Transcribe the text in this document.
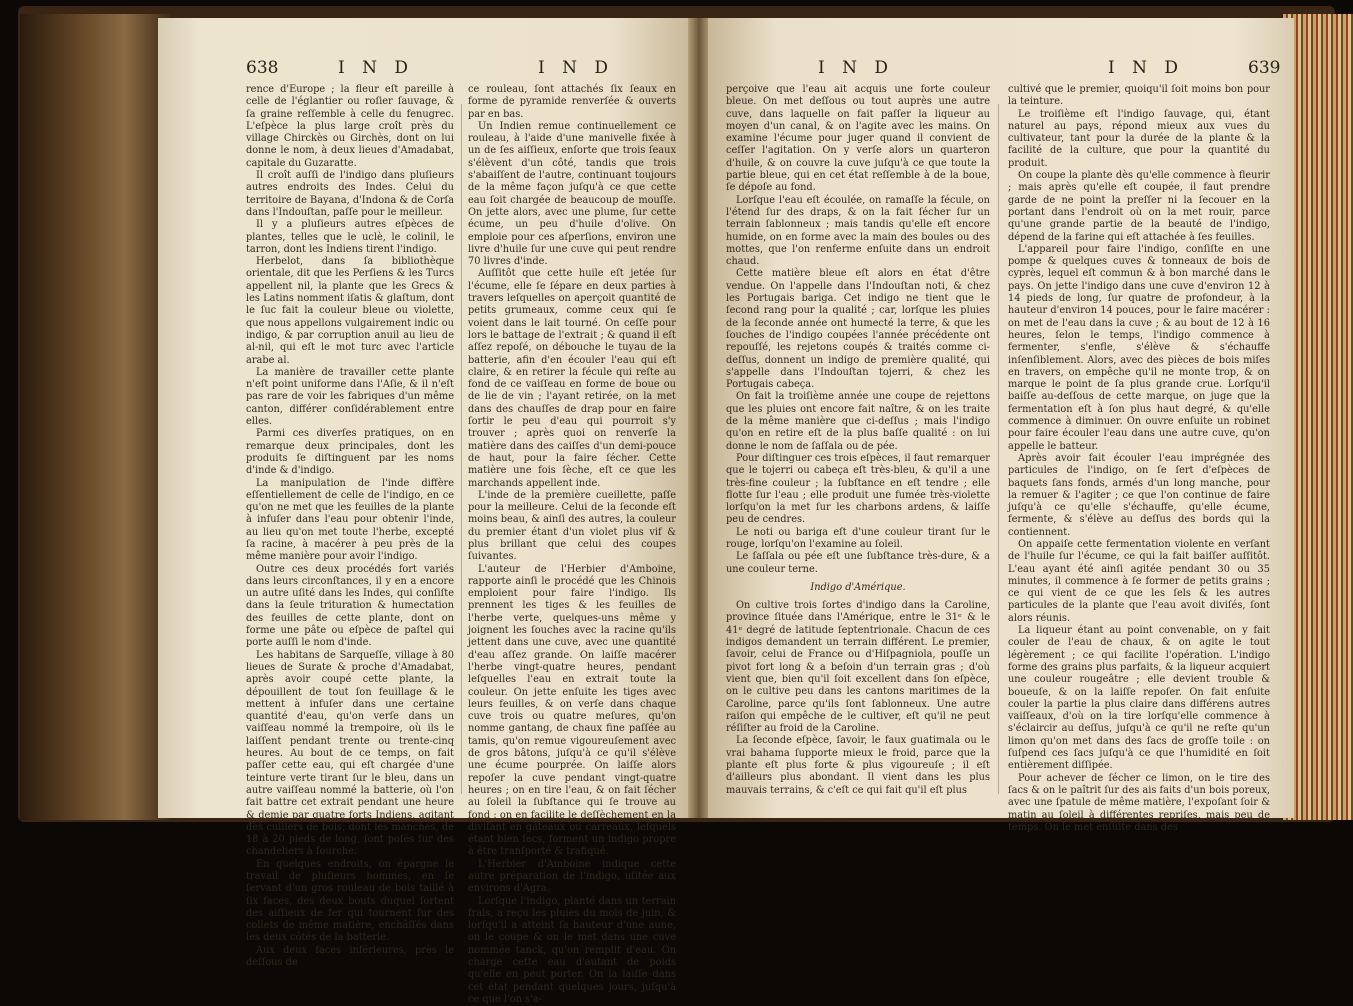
638	I N D	I N D

rence d'Europe ; la fleur eſt pareille à celle de l'églantier ou roſier ſauvage, & ſa graine reſſemble à celle du fenugrec. L'eſpèce la plus large croît près du village Chirckès ou Girchès, dont on lui donne le nom, à deux lieues d'Amadabat, capitale du Guzaratte.

Il croît auſſi de l'indigo dans pluſieurs autres endroits des Indes. Celui du territoire de Bayana, d'Indona & de Corſa dans l'Indouſtan, paſſe pour le meilleur.

Il y a pluſieurs autres eſpèces de plantes, telles que le uclè, le colinil, le tarron, dont les Indiens tirent l'indigo.

Herbelot, dans ſa bibliothèque orientale, dit que les Perſiens & les Turcs appellent nil, la plante que les Grecs & les Latins nomment iſatis & glaſtum, dont le ſuc fait la couleur bleue ou violette, que nous appellons vulgairement indic ou indigo, & par corruption anuil au lieu de al-nil, qui eſt le mot turc avec l'article arabe al.

La manière de travailler cette plante n'eſt point uniforme dans l'Aſie, & il n'eſt pas rare de voir les fabriques d'un même canton, différer conſidérablement entre elles.

Parmi ces diverſes pratiques, on en remarque deux principales, dont les produits ſe diſtinguent par les noms d'inde & d'indigo.

La manipulation de l'inde diffère eſſentiellement de celle de l'indigo, en ce qu'on ne met que les feuilles de la plante à infuſer dans l'eau pour obtenir l'inde, au lieu qu'on met toute l'herbe, excepté ſa racine, à macérer à peu près de la même manière pour avoir l'indigo.

Outre ces deux procédés fort variés dans leurs circonſtances, il y en a encore un autre uſité dans les Indes, qui conſiſte dans la ſeule trituration & humectation des feuilles de cette plante, dont on forme une pâte ou eſpèce de paſtel qui porte auſſi le nom d'inde.

Les habitans de Sarqueſſe, village à 80 lieues de Surate & proche d'Amadabat, après avoir coupé cette plante, la dépouillent de tout ſon feuillage & le mettent à infuſer dans une certaine quantité d'eau, qu'on verſe dans un vaiſſeau nommé la trempoire, où ils le laiſſent pendant trente ou trente-cinq heures. Au bout de ce temps, on fait paſſer cette eau, qui eſt chargée d'une teinture verte tirant ſur le bleu, dans un autre vaiſſeau nommé la batterie, où l'on fait battre cet extrait pendant une heure & demie par quatre forts Indiens, agitant des cuillers de bois, dont les manches, de 18 à 20 pieds de long, ſont poſés ſur des chandeliers à fourche.

En quelques endroits, on épargne le travail de pluſieurs hommes, en ſe ſervant d'un gros rouleau de bois taillé à ſix faces, des deux bouts duquel ſortent des aiſſieux de fer qui tournent ſur des collets de même matière, enchâſſés dans les deux côtés de la batterie.

Aux deux faces inférieures, près le deſſous de

ce rouleau, ſont attachés ſix ſeaux en forme de pyramide renverſée & ouverts par en bas.

Un Indien remue continuellement ce rouleau, à l'aide d'une manivelle fixée à un de ſes aiſſieux, enſorte que trois ſeaux s'élèvent d'un côté, tandis que trois s'abaiſſent de l'autre, continuant toujours de la même façon juſqu'à ce que cette eau ſoit chargée de beaucoup de mouſſe. On jette alors, avec une plume, ſur cette écume, un peu d'huile d'olive. On emploie pour ces aſperſions, environ une livre d'huile ſur une cuve qui peut rendre 70 livres d'inde.

Auſſitôt que cette huile eſt jetée ſur l'écume, elle ſe ſépare en deux parties à travers leſquelles on aperçoit quantité de petits grumeaux, comme ceux qui ſe voient dans le lait tourné. On ceſſe pour lors le battage de l'extrait ; & quand il eſt aſſez repoſé, on débouche le tuyau de la batterie, afin d'en écouler l'eau qui eſt claire, & en retirer la fécule qui reſte au fond de ce vaiſſeau en forme de boue ou de lie de vin ; l'ayant retirée, on la met dans des chauſſes de drap pour en faire ſortir le peu d'eau qui pourroit s'y trouver ; après quoi on renverſe la matière dans des caiſſes d'un demi-pouce de haut, pour la faire ſécher. Cette matière une fois ſèche, eſt ce que les marchands appellent inde.

L'inde de la première cueillette, paſſe pour la meilleure. Celui de la ſeconde eſt moins beau, & ainſi des autres, la couleur du premier étant d'un violet plus vif & plus brillant que celui des coupes ſuivantes.

L'auteur de l'Herbier d'Amboine, rapporte ainſi le procédé que les Chinois emploient pour faire l'indigo. Ils prennent les tiges & les feuilles de l'herbe verte, quelques-uns même y joignent les ſouches avec la racine qu'ils jettent dans une cuve, avec une quantité d'eau aſſez grande. On laiſſe macérer l'herbe vingt-quatre heures, pendant leſquelles l'eau en extrait toute la couleur. On jette enſuite les tiges avec leurs feuilles, & on verſe dans chaque cuve trois ou quatre meſures, qu'on nomme gantang, de chaux fine paſſée au tamis, qu'on remue vigoureuſement avec de gros bâtons, juſqu'à ce qu'il s'élève une écume pourprée. On laiſſe alors repoſer la cuve pendant vingt-quatre heures ; on en tire l'eau, & on fait ſécher au ſoleil la ſubſtance qui ſe trouve au fond : on en facilite le deſſèchement en la diviſant en gâteaux ou carreaux, leſquels étant bien ſecs, forment un indigo propre à être tranſporté & trafiqué.

L'Herbier d'Amboine indique cette autre préparation de l'indigo, uſitée aux environs d'Agra.

Lorſque l'indigo, planté dans un terrain frais, a reçu les pluies du mois de juin, & lorſqu'il a atteint ſa hauteur d'une aune, on le coupe & on le met dans une cuve nommée tanck, qu'on remplit d'eau. On charge cette eau d'autant de poids qu'elle en peut porter. On la laiſſe dans cet état pendant quelques jours, juſqu'à ce que l'on s'a-

I N D	I N D	639

perçoive que l'eau ait acquis une forte couleur bleue. On met deſſous ou tout auprès une autre cuve, dans laquelle on fait paſſer la liqueur au moyen d'un canal, & on l'agite avec les mains. On examine l'écume pour juger quand il convient de ceſſer l'agitation. On y verſe alors un quarteron d'huile, & on couvre la cuve juſqu'à ce que toute la partie bleue, qui en cet état reſſemble à de la boue, ſe dépoſe au fond.

Lorſque l'eau eſt écoulée, on ramaſſe la fécule, on l'étend ſur des draps, & on la fait ſécher ſur un terrain ſablonneux ; mais tandis qu'elle eſt encore humide, on en forme avec la main des boules ou des mottes, que l'on renferme enſuite dans un endroit chaud.

Cette matière bleue eſt alors en état d'être vendue. On l'appelle dans l'Indouſtan noti, & chez les Portugais bariga. Cet indigo ne tient que le ſecond rang pour la qualité ; car, lorſque les pluies de la ſeconde année ont humecté la terre, & que les ſouches de l'indigo coupées l'année précédente ont repouſſé, les rejetons coupés & traités comme ci-deſſus, donnent un indigo de première qualité, qui s'appelle dans l'Indouſtan tojerri, & chez les Portugais cabeça.

On fait la troiſième année une coupe de rejettons que les pluies ont encore fait naître, & on les traite de la même manière que ci-deſſus ; mais l'indigo qu'on en retire eſt de la plus baſſe qualité : on lui donne le nom de ſaſſala ou de pée.

Pour diſtinguer ces trois eſpèces, il faut remarquer que le tojerri ou cabeça eſt très-bleu, & qu'il a une très-fine couleur ; la ſubſtance en eſt tendre ; elle flotte ſur l'eau ; elle produit une fumée très-violette lorſqu'on la met ſur les charbons ardens, & laiſſe peu de cendres.

Le noti ou bariga eſt d'une couleur tirant ſur le rouge, lorſqu'on l'examine au ſoleil.

Le ſaſſala ou pée eſt une ſubſtance très-dure, & a une couleur terne.

Indigo d'Amérique.

On cultive trois ſortes d'indigo dans la Caroline, province ſituée dans l'Amérique, entre le 31ᵉ & le 41ᵉ degré de latitude ſeptentrionale. Chacun de ces indigos demandent un terrain différent. Le premier, ſavoir, celui de France ou d'Hiſpagniola, pouſſe un pivot fort long & a beſoin d'un terrain gras ; d'où vient que, bien qu'il ſoit excellent dans ſon eſpèce, on le cultive peu dans les cantons maritimes de la Caroline, parce qu'ils ſont ſablonneux. Une autre raiſon qui empêche de le cultiver, eſt qu'il ne peut réſiſter au froid de la Caroline.

La ſeconde eſpèce, ſavoir, le faux guatimala ou le vrai bahama ſupporte mieux le froid, parce que la plante eſt plus forte & plus vigoureuſe ; il eſt d'ailleurs plus abondant. Il vient dans les plus mauvais terrains, & c'eſt ce qui fait qu'il eſt plus

cultivé que le premier, quoiqu'il ſoit moins bon pour la teinture.

Le troiſième eſt l'indigo ſauvage, qui, étant naturel au pays, répond mieux aux vues du cultivateur, tant pour la durée de la plante & la facilité de la culture, que pour la quantité du produit.

On coupe la plante dès qu'elle commence à fleurir ; mais après qu'elle eſt coupée, il faut prendre garde de ne point la preſſer ni la ſecouer en la portant dans l'endroit où on la met rouir, parce qu'une grande partie de la beauté de l'indigo, dépend de la farine qui eſt attachée à ſes feuilles.

L'appareil pour faire l'indigo, conſiſte en une pompe & quelques cuves & tonneaux de bois de cyprès, lequel eſt commun & à bon marché dans le pays. On jette l'indigo dans une cuve d'environ 12 à 14 pieds de long, ſur quatre de profondeur, à la hauteur d'environ 14 pouces, pour le faire macérer : on met de l'eau dans la cuve ; & au bout de 12 à 16 heures, ſelon le temps, l'indigo commence à fermenter, s'enfle, s'élève & s'échauffe inſenſiblement. Alors, avec des pièces de bois miſes en travers, on empêche qu'il ne monte trop, & on marque le point de ſa plus grande crue. Lorſqu'il baiſſe au-deſſous de cette marque, on juge que la fermentation eſt à ſon plus haut degré, & qu'elle commence à diminuer. On ouvre enſuite un robinet pour faire écouler l'eau dans une autre cuve, qu'on appelle le batteur.

Après avoir fait écouler l'eau imprégnée des particules de l'indigo, on ſe ſert d'eſpèces de baquets ſans fonds, armés d'un long manche, pour la remuer & l'agiter ; ce que l'on continue de faire juſqu'à ce qu'elle s'échauffe, qu'elle écume, fermente, & s'élève au deſſus des bords qui la contiennent.

On appaiſe cette fermentation violente en verſant de l'huile ſur l'écume, ce qui la fait baiſſer auſſitôt. L'eau ayant été ainſi agitée pendant 30 ou 35 minutes, il commence à ſe former de petits grains ; ce qui vient de ce que les ſels & les autres particules de la plante que l'eau avoit diviſés, ſont alors réunis.

La liqueur étant au point convenable, on y fait couler de l'eau de chaux, & on agite le tout légèrement ; ce qui facilite l'opération. L'indigo forme des grains plus parfaits, & la liqueur acquiert une couleur rougeâtre ; elle devient trouble & boueuſe, & on la laiſſe repoſer. On fait enſuite couler la partie la plus claire dans différens autres vaiſſeaux, d'où on la tire lorſqu'elle commence à s'éclaircir au deſſus, juſqu'à ce qu'il ne reſte qu'un limon qu'on met dans des ſacs de groſſe toile : on ſuſpend ces ſacs juſqu'à ce que l'humidité en ſoit entièrement diſſipée.

Pour achever de ſécher ce limon, on le tire des ſacs & on le paîtrit ſur des ais faits d'un bois poreux, avec une ſpatule de même matière, l'expoſant ſoir & matin au ſoleil à différentes repriſes, mais peu de temps. On le met enſuite dans des
